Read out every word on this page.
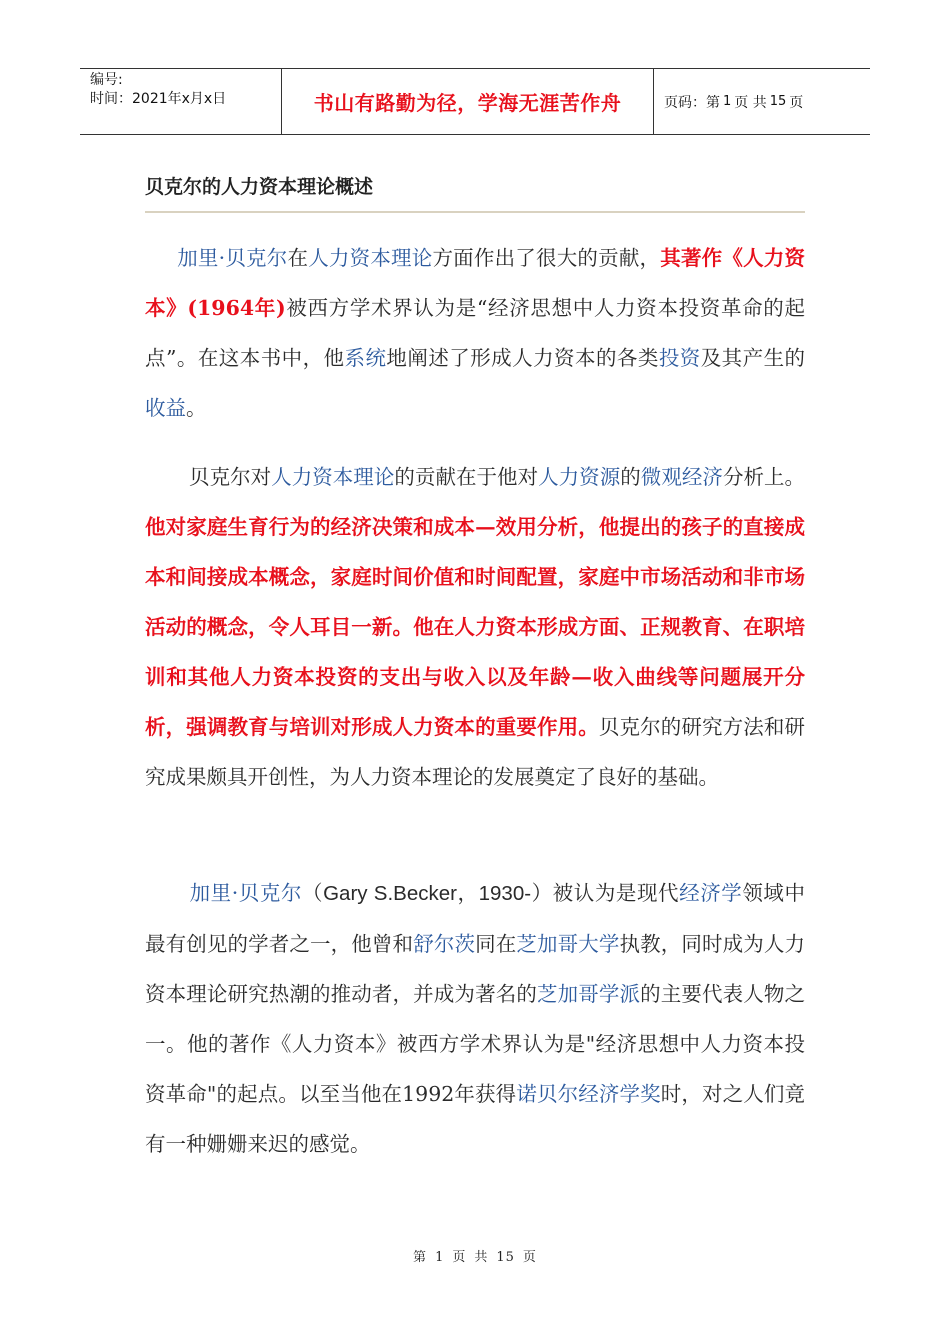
编号:
时间：2021年x月x日	书山有路勤为径，学海无涯苦作舟	页码：第 1 页 共 15 页
贝克尔的人力资本理论概述
加里·贝克尔在人力资本理论方面作出了很大的贡献，其著作《人力资本》(1964年)被西方学术界认为是“经济思想中人力资本投资革命的起点”。在这本书中，他系统地阐述了形成人力资本的各类投资及其产生的收益。
贝克尔对人力资本理论的贡献在于他对人力资源的微观经济分析上。他对家庭生育行为的经济决策和成本—效用分析，他提出的孩子的直接成本和间接成本概念，家庭时间价值和时间配置，家庭中市场活动和非市场活动的概念，令人耳目一新。他在人力资本形成方面、正规教育、在职培训和其他人力资本投资的支出与收入以及年龄—收入曲线等问题展开分析，强调教育与培训对形成人力资本的重要作用。贝克尔的研究方法和研究成果颇具开创性，为人力资本理论的发展奠定了良好的基础。
加里·贝克尔（Gary S.Becker，1930-）被认为是现代经济学领域中最有创见的学者之一，他曾和舒尔茨同在芝加哥大学执教，同时成为人力资本理论研究热潮的推动者，并成为著名的芝加哥学派的主要代表人物之一。他的著作《人力资本》被西方学术界认为是"经济思想中人力资本投资革命"的起点。以至当他在1992年获得诺贝尔经济学奖时，对之人们竟有一种姗姗来迟的感觉。
第 1 页 共 15 页
